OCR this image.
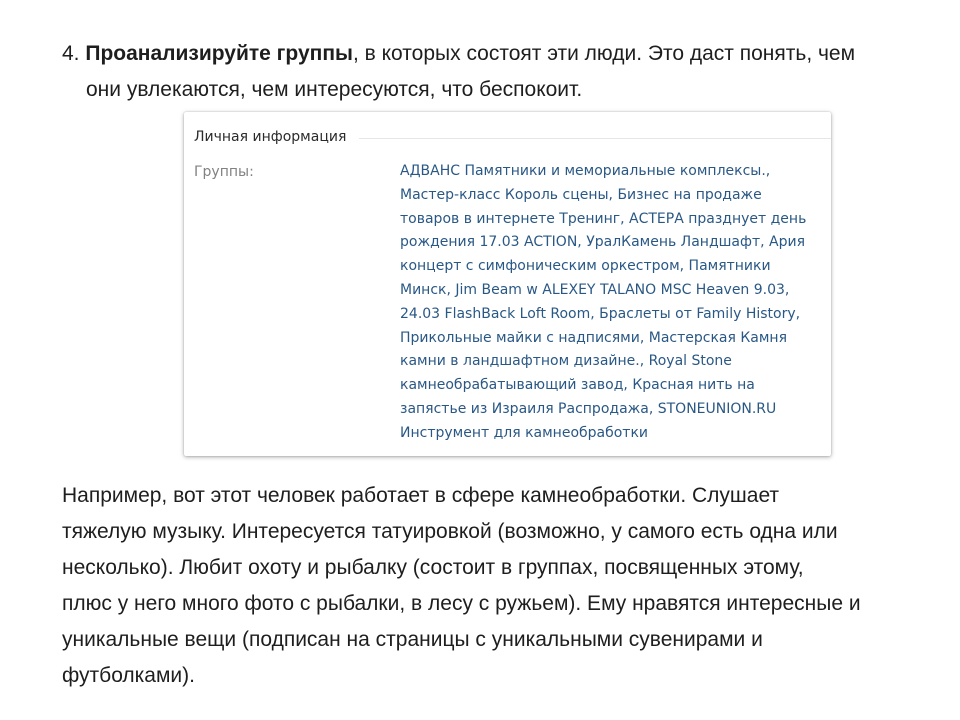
4. Проанализируйте группы, в которых состоят эти люди. Это даст понять, чем
они увлекаются, чем интересуются, что беспокоит.
Личная информация
Группы:	АДВАНС Памятники и мемориальные комплексы.,
Мастер-класс Король сцены, Бизнес на продаже
товаров в интернете Тренинг, АСТЕРА празднует день
рождения 17.03 ACTION, УралКамень Ландшафт, Ария
концерт с симфоническим оркестром, Памятники
Минск, Jim Beam w ALEXEY TALANO MSC Heaven 9.03,
24.03 FlashBack Loft Room, Браслеты от Family History,
Прикольные майки с надписями, Мастерская Камня
камни в ландшафтном дизайне., Royal Stone
камнеобрабатывающий завод, Красная нить на
запястье из Израиля Распродажа, STONEUNION.RU
Инструмент для камнеобработки
Например, вот этот человек работает в сфере камнеобработки. Слушает
тяжелую музыку. Интересуется татуировкой (возможно, у самого есть одна или
несколько). Любит охоту и рыбалку (состоит в группах, посвященных этому,
плюс у него много фото с рыбалки, в лесу с ружьем). Ему нравятся интересные и
уникальные вещи (подписан на страницы с уникальными сувенирами и
футболками).
